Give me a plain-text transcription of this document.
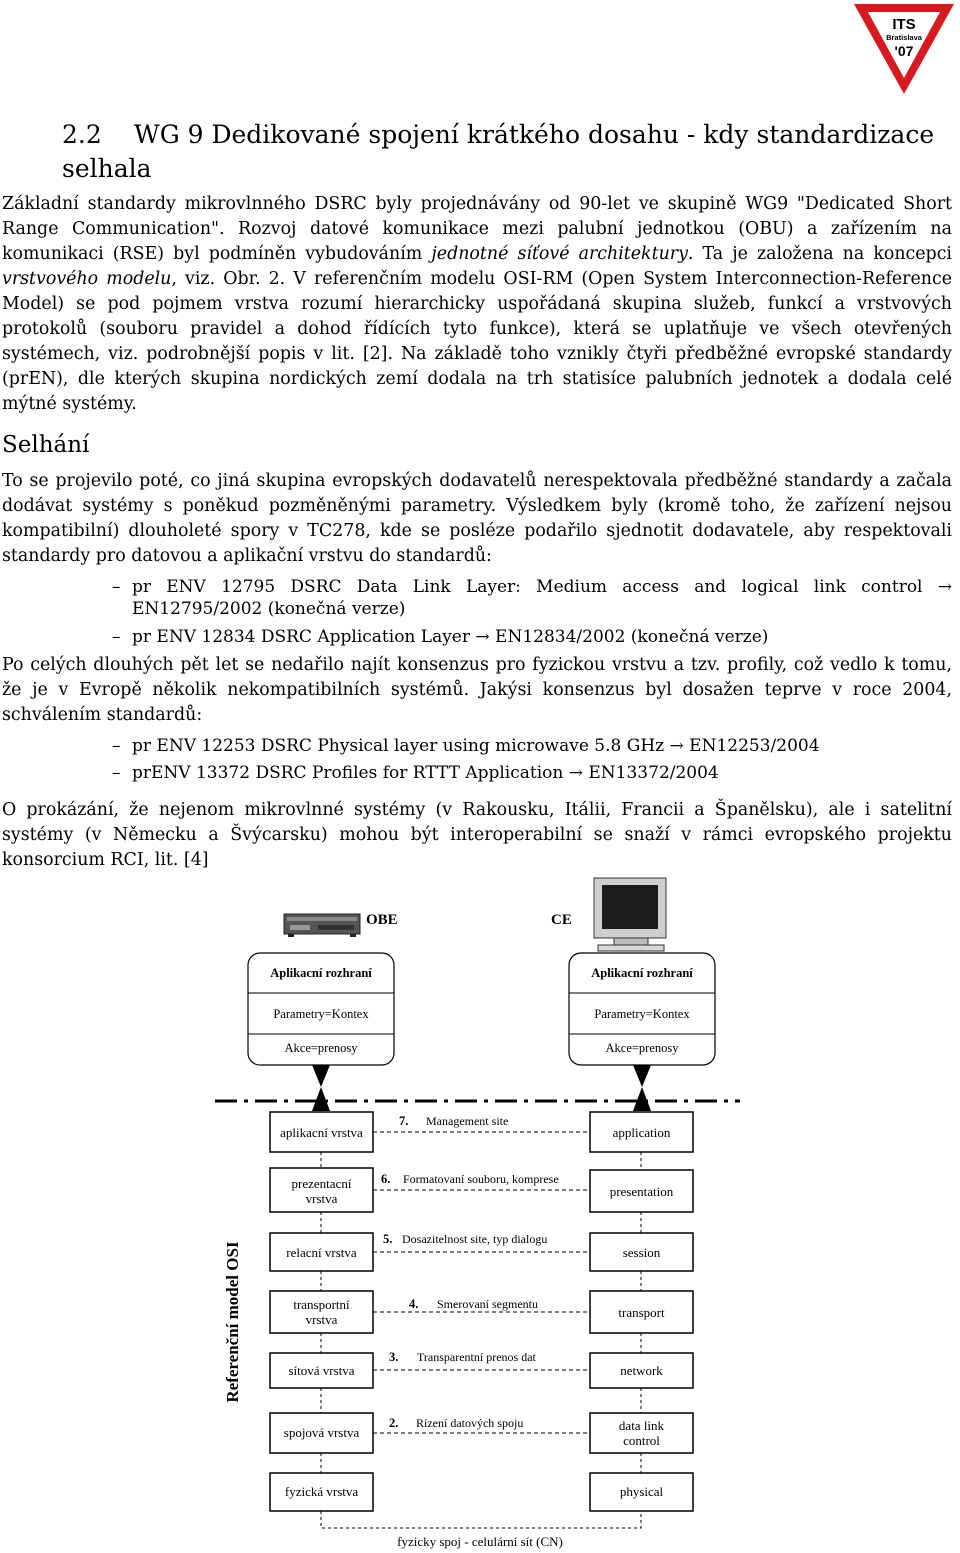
ITS
Bratislava
'07
2.2 WG 9 Dedikované spojení krátkého dosahu - kdy standardizace selhala
Základní standardy mikrovlnného DSRC byly projednávány od 90-let ve skupině WG9 "Dedicated Short Range Communication". Rozvoj datové komunikace mezi palubní jednotkou (OBU) a zařízením na komunikaci (RSE) byl podmíněn vybudováním jednotné síťové architektury. Ta je založena na koncepci vrstvového modelu, viz. Obr. 2. V referenčním modelu OSI-RM (Open System Interconnection-Reference Model) se pod pojmem vrstva rozumí hierarchicky uspořádaná skupina služeb, funkcí a vrstvových protokolů (souboru pravidel a dohod řídících tyto funkce), která se uplatňuje ve všech otevřených systémech, viz. podrobnější popis v lit. [2]. Na základě toho vznikly čtyři předběžné evropské standardy (prEN), dle kterých skupina nordických zemí dodala na trh statisíce palubních jednotek a dodala celé mýtné systémy.
Selhání
To se projevilo poté, co jiná skupina evropských dodavatelů nerespektovala předběžné standardy a začala dodávat systémy s poněkud pozměněnými parametry. Výsledkem byly (kromě toho, že zařízení nejsou kompatibilní) dlouholeté spory v TC278, kde se posléze podařilo sjednotit dodavatele, aby respektovali standardy pro datovou a aplikační vrstvu do standardů:
– pr ENV 12795 DSRC Data Link Layer: Medium access and logical link control → EN12795/2002 (konečná verze)
– pr ENV 12834 DSRC Application Layer → EN12834/2002 (konečná verze)
Po celých dlouhých pět let se nedařilo najít konsenzus pro fyzickou vrstvu a tzv. profily, což vedlo k tomu, že je v Evropě několik nekompatibilních systémů. Jakýsi konsenzus byl dosažen teprve v roce 2004, schválením standardů:
– pr ENV 12253 DSRC Physical layer using microwave 5.8 GHz → EN12253/2004
– prENV 13372 DSRC Profiles for RTTT Application → EN13372/2004
O prokázání, že nejenom mikrovlnné systémy (v Rakousku, Itálii, Francii a Španělsku), ale i satelitní systémy (v Německu a Švýcarsku) mohou být interoperabilní se snaží v rámci evropského projektu konsorcium RCI, lit. [4]
OBE	CE
Aplikacní rozhraní
Parametry=Kontex
Akce=prenosy
Aplikacní rozhraní
Parametry=Kontex
Akce=prenosy
Referenční model OSI
aplikacní vrstva
prezentacní
vrstva
relacní vrstva
transportní
vrstva
sítová vrstva
spojová vrstva
fyzická vrstva
application
presentation
session
transport
network
data link
control
physical
7. Management site
6. Formatovaní souboru, komprese
5. Dosazitelnost site, typ dialogu
4. Smerovaní segmentu
3. Transparentní prenos dat
2. Rízení datových spoju
fyzicky spoj - celulární sít (CN)
